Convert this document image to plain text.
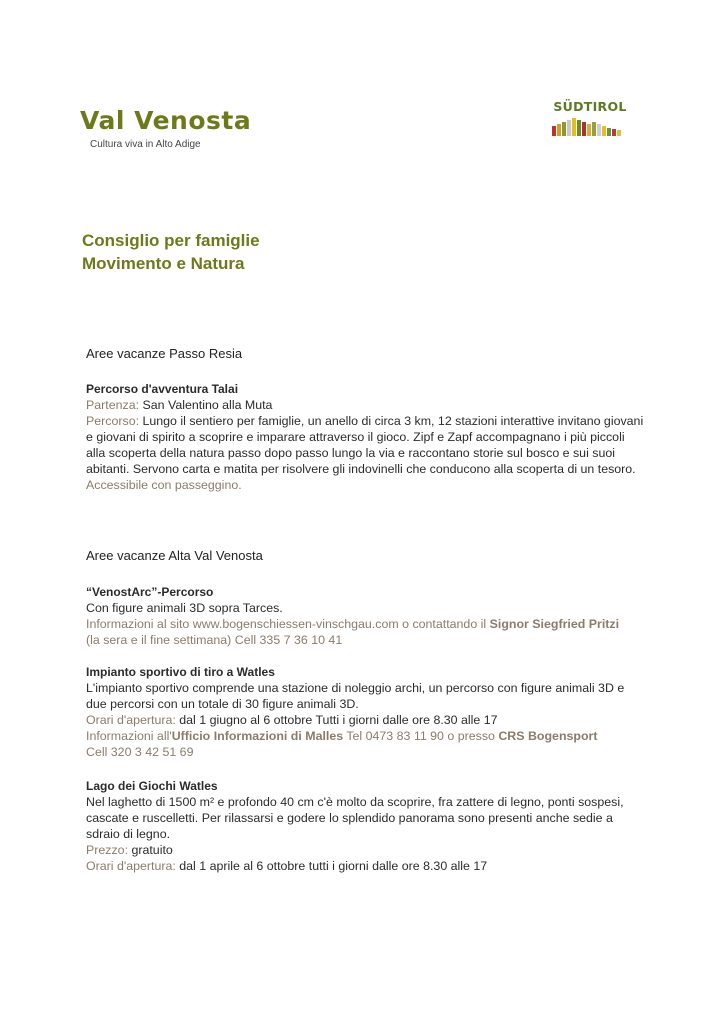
Val Venosta
Cultura viva in Alto Adige
SÜDTIROL
Consiglio per famiglie
Movimento e Natura
Aree vacanze Passo Resia

Percorso d'avventura Talai

Partenza: San Valentino alla Muta

Percorso: Lungo il sentiero per famiglie, un anello di circa 3 km, 12 stazioni interattive invitano giovani e giovani di spirito a scoprire e imparare attraverso il gioco. Zipf e Zapf accompagnano i più piccoli alla scoperta della natura passo dopo passo lungo la via e raccontano storie sul bosco e sui suoi abitanti. Servono carta e matita per risolvere gli indovinelli che conducono alla scoperta di un tesoro. Accessibile con passeggino.

Aree vacanze Alta Val Venosta

“VenostArc”-Percorso

Con figure animali 3D sopra Tarces.

Informazioni al sito www.bogenschiessen-vinschgau.com o contattando il Signor Siegfried Pritzi

(la sera e il fine settimana) Cell 335 7 36 10 41

Impianto sportivo di tiro a Watles

L'impianto sportivo comprende una stazione di noleggio archi, un percorso con figure animali 3D e due percorsi con un totale di 30 figure animali 3D.

Orari d'apertura: dal 1 giugno al 6 ottobre Tutti i giorni dalle ore 8.30 alle 17

Informazioni all'Ufficio Informazioni di Malles Tel 0473 83 11 90 o presso CRS Bogensport

Cell 320 3 42 51 69

Lago dei Giochi Watles

Nel laghetto di 1500 m² e profondo 40 cm c'è molto da scoprire, fra zattere di legno, ponti sospesi, cascate e ruscelletti. Per rilassarsi e godere lo splendido panorama sono presenti anche sedie a sdraio di legno.

Prezzo: gratuito

Orari d'apertura: dal 1 aprile al 6 ottobre tutti i giorni dalle ore 8.30 alle 17
